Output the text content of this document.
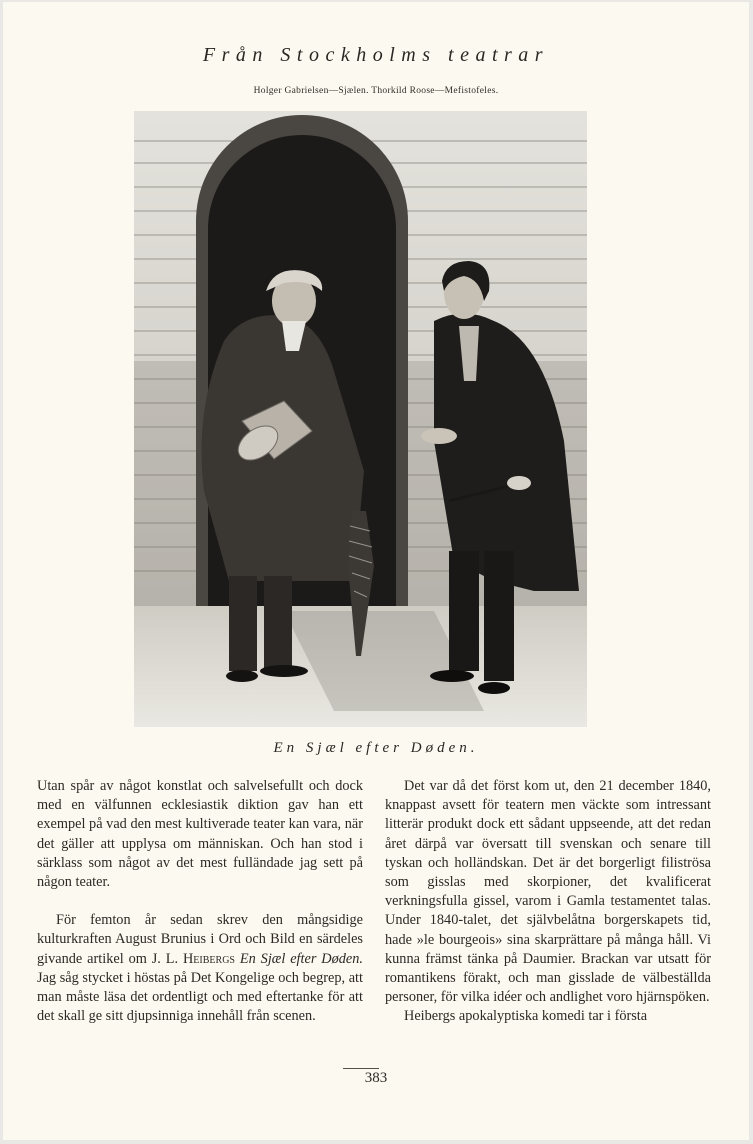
Från Stockholms teatrar
Holger Gabrielsen—Sjælen. Thorkild Roose—Mefistofeles.
En Sjæl efter Døden.

Utan spår av något konstlat och salvelsefullt och dock med en välfunnen ecklesiastik diktion gav han ett exempel på vad den mest kultiverade teater kan vara, när det gäller att upplysa om människan. Och han stod i särklass som något av det mest fulländade jag sett på någon teater.

För femton år sedan skrev den mångsidige kulturkraften August Brunius i Ord och Bild en särdeles givande artikel om J. L. Heibergs En Sjæl efter Døden. Jag såg stycket i höstas på Det Kongelige och begrep, att man måste läsa det ordentligt och med eftertanke för att det skall ge sitt djupsinniga innehåll från scenen.

Det var då det först kom ut, den 21 december 1840, knappast avsett för teatern men väckte som intressant litterär produkt dock ett sådant uppseende, att det redan året därpå var översatt till svenskan och senare till tyskan och holländskan. Det är det borgerligt filiströsa som gisslas med skorpioner, det kvalificerat verkningsfulla gissel, varom i Gamla testamentet talas. Under 1840-talet, det självbelåtna borgerskapets tid, hade »le bourgeois» sina skarprättare på många håll. Vi kunna främst tänka på Daumier. Brackan var utsatt för romantikens förakt, och man gisslade de välbeställda personer, för vilka idéer och andlighet voro hjärnspöken.

Heibergs apokalyptiska komedi tar i första

383
